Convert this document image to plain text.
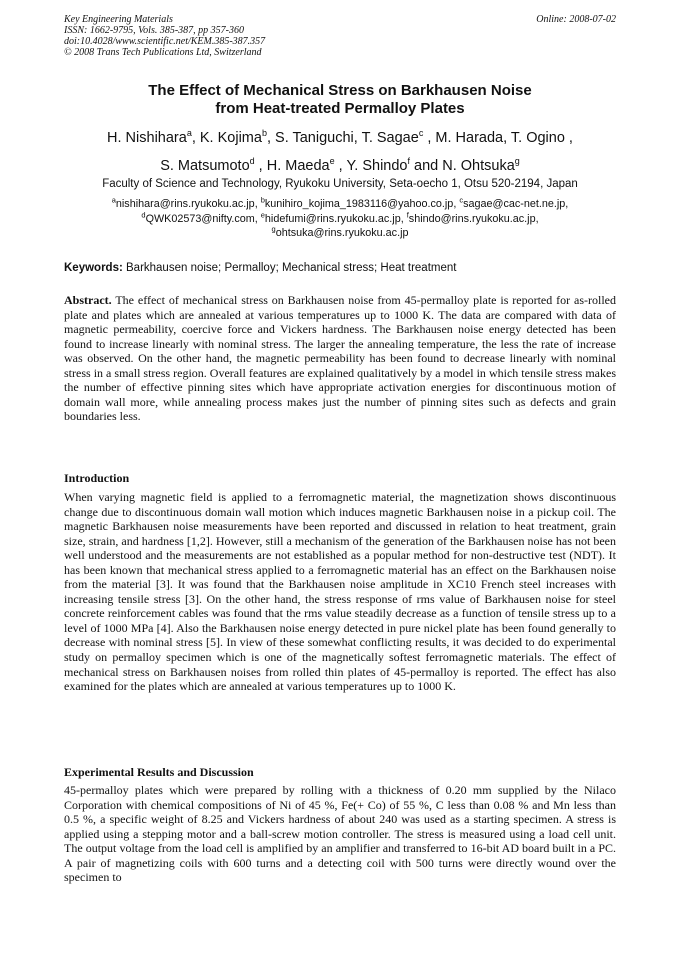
Key Engineering Materials
ISSN: 1662-9795, Vols. 385-387, pp 357-360
doi:10.4028/www.scientific.net/KEM.385-387.357
© 2008 Trans Tech Publications Ltd, Switzerland
Online: 2008-07-02
The Effect of Mechanical Stress on Barkhausen Noise
from Heat-treated Permalloy Plates
H. Nishihara$^a$, K. Kojima$^b$, S. Taniguchi, T. Sagae$^c$ , M. Harada, T. Ogino ,
S. Matsumoto$^d$ , H. Maeda$^e$ , Y. Shindo$^f$ and N. Ohtsuka$^g$
Faculty of Science and Technology, Ryukoku University, Seta-oecho 1, Otsu 520-2194, Japan
$^a$nishihara@rins.ryukoku.ac.jp, $^b$kunihiro_kojima_1983116@yahoo.co.jp, $^c$sagae@cac-net.ne.jp,
$^d$QWK02573@nifty.com, $^e$hidefumi@rins.ryukoku.ac.jp, $^f$shindo@rins.ryukoku.ac.jp,
$^g$ohtsuka@rins.ryukoku.ac.jp
Keywords: Barkhausen noise; Permalloy; Mechanical stress; Heat treatment
Abstract. The effect of mechanical stress on Barkhausen noise from 45-permalloy plate is reported for as-rolled plate and plates which are annealed at various temperatures up to 1000 K. The data are compared with data of magnetic permeability, coercive force and Vickers hardness. The Barkhausen noise energy detected has been found to increase linearly with nominal stress. The larger the annealing temperature, the less the rate of increase was observed. On the other hand, the magnetic permeability has been found to decrease linearly with nominal stress in a small stress region. Overall features are explained qualitatively by a model in which tensile stress makes the number of effective pinning sites which have appropriate activation energies for discontinuous motion of domain wall more, while annealing process makes just the number of pinning sites such as defects and grain boundaries less.
Introduction
When varying magnetic field is applied to a ferromagnetic material, the magnetization shows discontinuous change due to discontinuous domain wall motion which induces magnetic Barkhausen noise in a pickup coil. The magnetic Barkhausen noise measurements have been reported and discussed in relation to heat treatment, grain size, strain, and hardness [1,2]. However, still a mechanism of the generation of the Barkhausen noise has not been well understood and the measurements are not established as a popular method for non-destructive test (NDT). It has been known that mechanical stress applied to a ferromagnetic material has an effect on the Barkhausen noise from the material [3]. It was found that the Barkhausen noise amplitude in XC10 French steel increases with increasing tensile stress [3]. On the other hand, the stress response of rms value of Barkhausen noise for steel concrete reinforcement cables was found that the rms value steadily decrease as a function of tensile stress up to a level of 1000 MPa [4]. Also the Barkhausen noise energy detected in pure nickel plate has been found generally to decrease with nominal stress [5]. In view of these somewhat conflicting results, it was decided to do experimental study on permalloy specimen which is one of the magnetically softest ferromagnetic materials. The effect of mechanical stress on Barkhausen noises from rolled thin plates of 45-permalloy is reported. The effect has also examined for the plates which are annealed at various temperatures up to 1000 K.
Experimental Results and Discussion
45-permalloy plates which were prepared by rolling with a thickness of 0.20 mm supplied by the Nilaco Corporation with chemical compositions of Ni of 45 %, Fe(+ Co) of 55 %, C less than 0.08 % and Mn less than 0.5 %, a specific weight of 8.25 and Vickers hardness of about 240 was used as a starting specimen. A stress is applied using a stepping motor and a ball-screw motion controller. The stress is measured using a load cell unit. The output voltage from the load cell is amplified by an amplifier and transferred to 16-bit AD board built in a PC. A pair of magnetizing coils with 600 turns and a detecting coil with 500 turns were directly wound over the specimen to
